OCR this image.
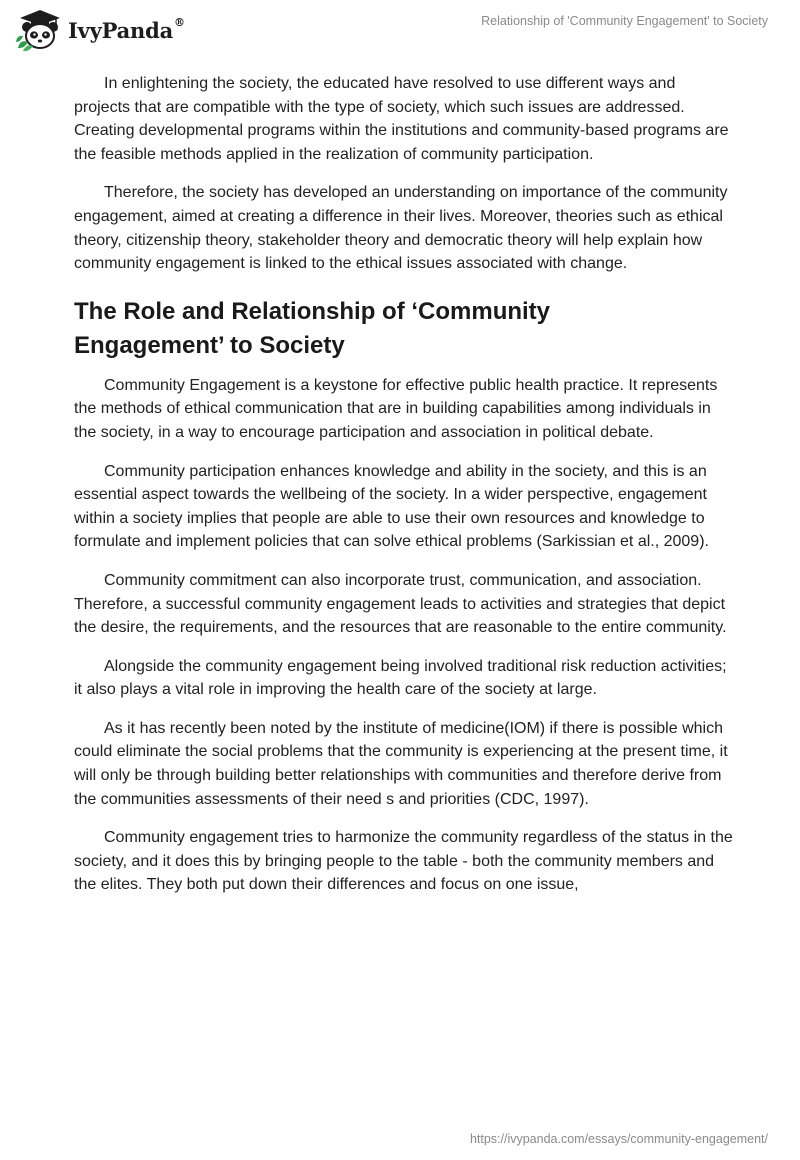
IvyPanda®	Relationship of 'Community Engagement' to Society

In enlightening the society, the educated have resolved to use different ways and projects that are compatible with the type of society, which such issues are addressed. Creating developmental programs within the institutions and community-based programs are the feasible methods applied in the realization of community participation.

Therefore, the society has developed an understanding on importance of the community engagement, aimed at creating a difference in their lives. Moreover, theories such as ethical theory, citizenship theory, stakeholder theory and democratic theory will help explain how community engagement is linked to the ethical issues associated with change.

The Role and Relationship of ‘Community Engagement’ to Society

Community Engagement is a keystone for effective public health practice. It represents the methods of ethical communication that are in building capabilities among individuals in the society, in a way to encourage participation and association in political debate.

Community participation enhances knowledge and ability in the society, and this is an essential aspect towards the wellbeing of the society. In a wider perspective, engagement within a society implies that people are able to use their own resources and knowledge to formulate and implement policies that can solve ethical problems (Sarkissian et al., 2009).

Community commitment can also incorporate trust, communication, and association. Therefore, a successful community engagement leads to activities and strategies that depict the desire, the requirements, and the resources that are reasonable to the entire community.

Alongside the community engagement being involved traditional risk reduction activities; it also plays a vital role in improving the health care of the society at large.

As it has recently been noted by the institute of medicine(IOM) if there is possible which could eliminate the social problems that the community is experiencing at the present time, it will only be through building better relationships with communities and therefore derive from the communities assessments of their need s and priorities (CDC, 1997).

Community engagement tries to harmonize the community regardless of the status in the society, and it does this by bringing people to the table - both the community members and the elites. They both put down their differences and focus on one issue,

https://ivypanda.com/essays/community-engagement/
